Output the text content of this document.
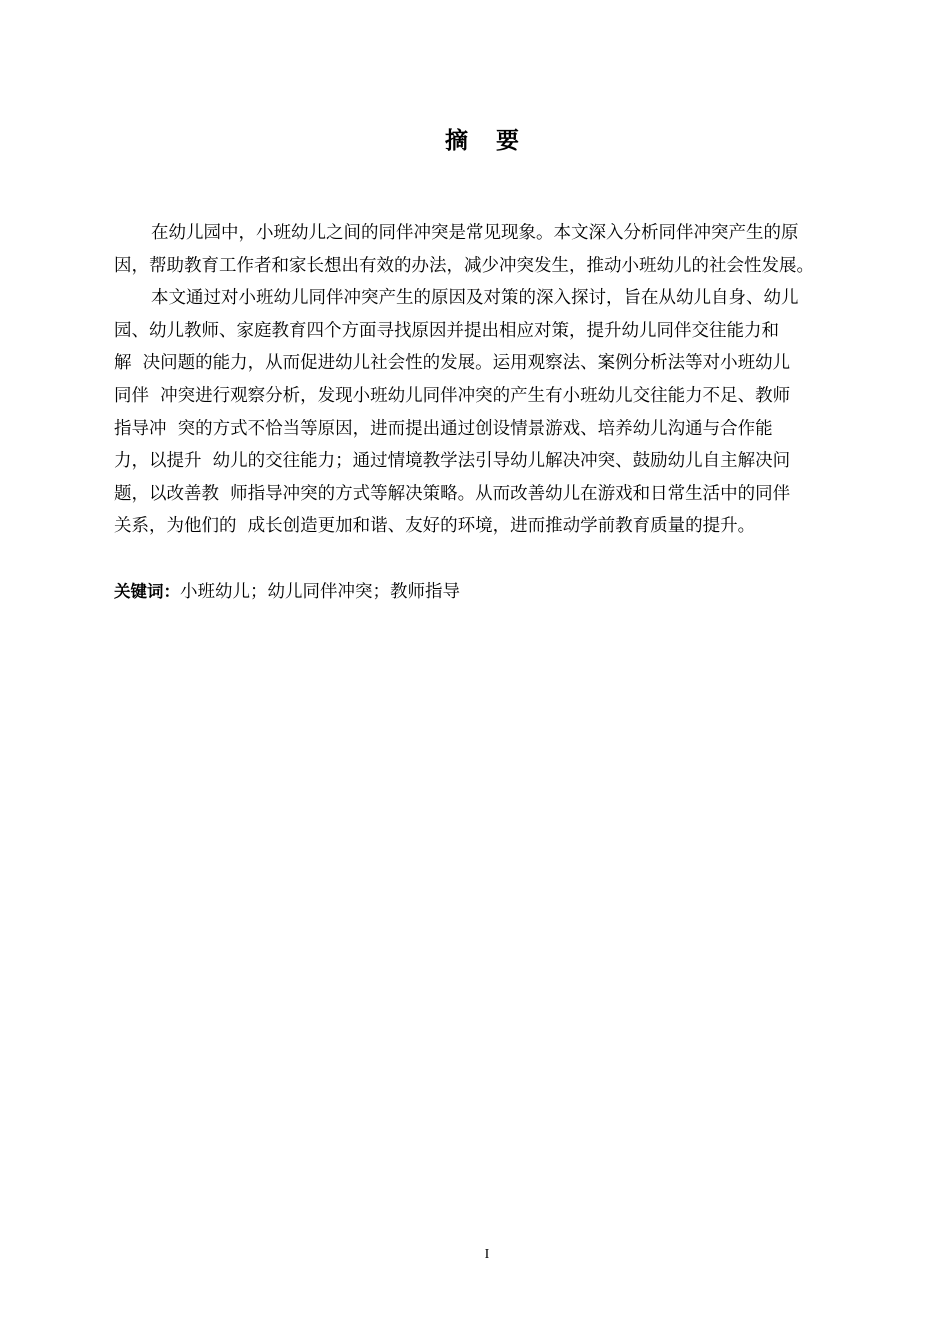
摘 要
在幼儿园中，小班幼儿之间的同伴冲突是常见现象。本文深入分析同伴冲突产生的原
因，帮助教育工作者和家长想出有效的办法，减少冲突发生，推动小班幼儿的社会性发展。
本文通过对小班幼儿同伴冲突产生的原因及对策的深入探讨，旨在从幼儿自身、幼儿
园、幼儿教师、家庭教育四个方面寻找原因并提出相应对策，提升幼儿同伴交往能力和
解  决问题的能力，从而促进幼儿社会性的发展。运用观察法、案例分析法等对小班幼儿
同伴  冲突进行观察分析，发现小班幼儿同伴冲突的产生有小班幼儿交往能力不足、教师
指导冲  突的方式不恰当等原因，进而提出通过创设情景游戏、培养幼儿沟通与合作能
力，以提升  幼儿的交往能力；通过情境教学法引导幼儿解决冲突、鼓励幼儿自主解决问
题，以改善教  师指导冲突的方式等解决策略。从而改善幼儿在游戏和日常生活中的同伴
关系，为他们的  成长创造更加和谐、友好的环境，进而推动学前教育质量的提升。
关键词：小班幼儿；幼儿同伴冲突；教师指导
I
